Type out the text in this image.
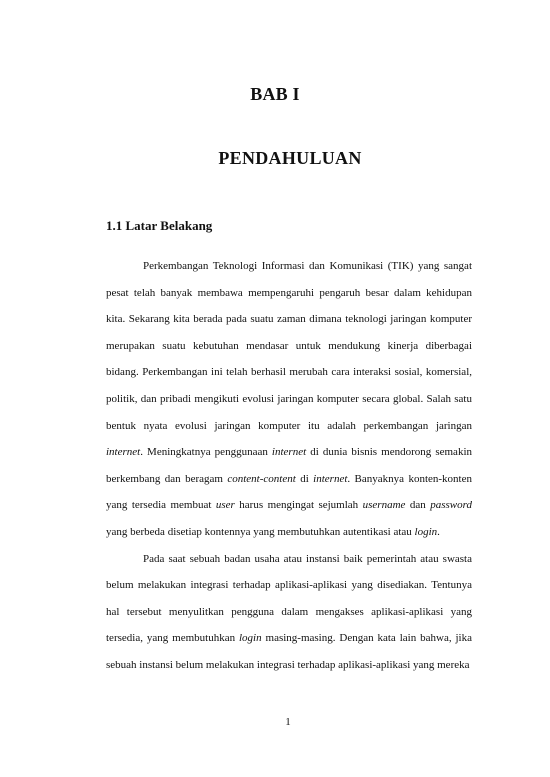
BAB I
PENDAHULUAN
1.1 Latar Belakang

Perkembangan Teknologi Informasi dan Komunikasi (TIK) yang sangat pesat telah banyak membawa mempengaruhi pengaruh besar dalam kehidupan kita. Sekarang kita berada pada suatu zaman dimana teknologi jaringan komputer merupakan suatu kebutuhan mendasar untuk mendukung kinerja diberbagai bidang. Perkembangan ini telah berhasil merubah cara interaksi sosial, komersial, politik, dan pribadi mengikuti evolusi jaringan komputer secara global. Salah satu bentuk nyata evolusi jaringan komputer itu adalah perkembangan jaringan internet. Meningkatnya penggunaan internet di dunia bisnis mendorong semakin berkembang dan beragam content-content di internet. Banyaknya konten-konten yang tersedia membuat user harus mengingat sejumlah username dan password yang berbeda disetiap kontennya yang membutuhkan autentikasi atau login.

Pada saat sebuah badan usaha atau instansi baik pemerintah atau swasta belum melakukan integrasi terhadap aplikasi-aplikasi yang disediakan. Tentunya hal tersebut menyulitkan pengguna dalam mengakses aplikasi-aplikasi yang tersedia, yang membutuhkan login masing-masing. Dengan kata lain bahwa, jika sebuah instansi belum melakukan integrasi terhadap aplikasi-aplikasi yang mereka

1
